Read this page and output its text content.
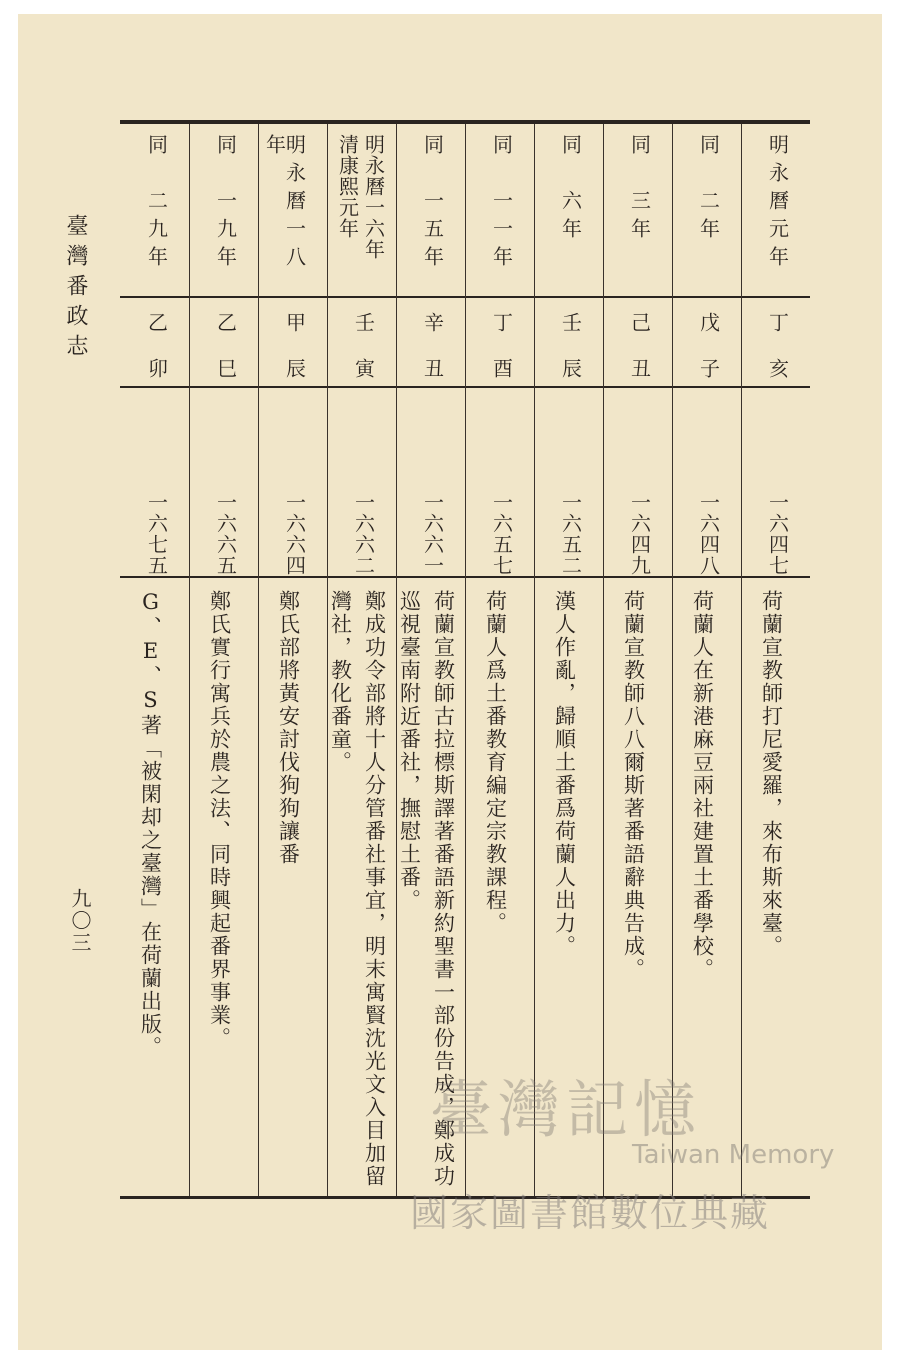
臺灣番政志
九〇三
明永曆元年
丁亥
一六四七
荷蘭宣教師打尼愛羅，來布斯來臺。
同　二年
戊子
一六四八
荷蘭人在新港麻豆兩社建置土番學校。
同　三年
己丑
一六四九
荷蘭宣教師八八爾斯著番語辭典告成。
同　六年
壬辰
一六五二
漢人作亂，歸順土番爲荷蘭人出力。
同　一一年
丁酉
一六五七
荷蘭人爲土番教育編定宗教課程。
同　一五年
辛丑
一六六一
荷蘭宣教師古拉標斯譯著番語新約聖書一部份告成，鄭成功巡視臺南附近番社，撫慰土番。
明永曆一六年
清康熙元年
壬寅
一六六二
鄭成功令部將十人分管番社事宜，明末寓賢沈光文入目加留灣社，教化番童。
明永曆一八年
甲辰
一六六四
鄭氏部將黃安討伐狗狗讓番
同　一九年
乙巳
一六六五
鄭氏實行寓兵於農之法、同時興起番界事業。
同　二九年
乙卯
一六七五
G、E、S著「被閑却之臺灣」在荷蘭出版。
臺灣記憶
Taiwan Memory
國家圖書館數位典藏
